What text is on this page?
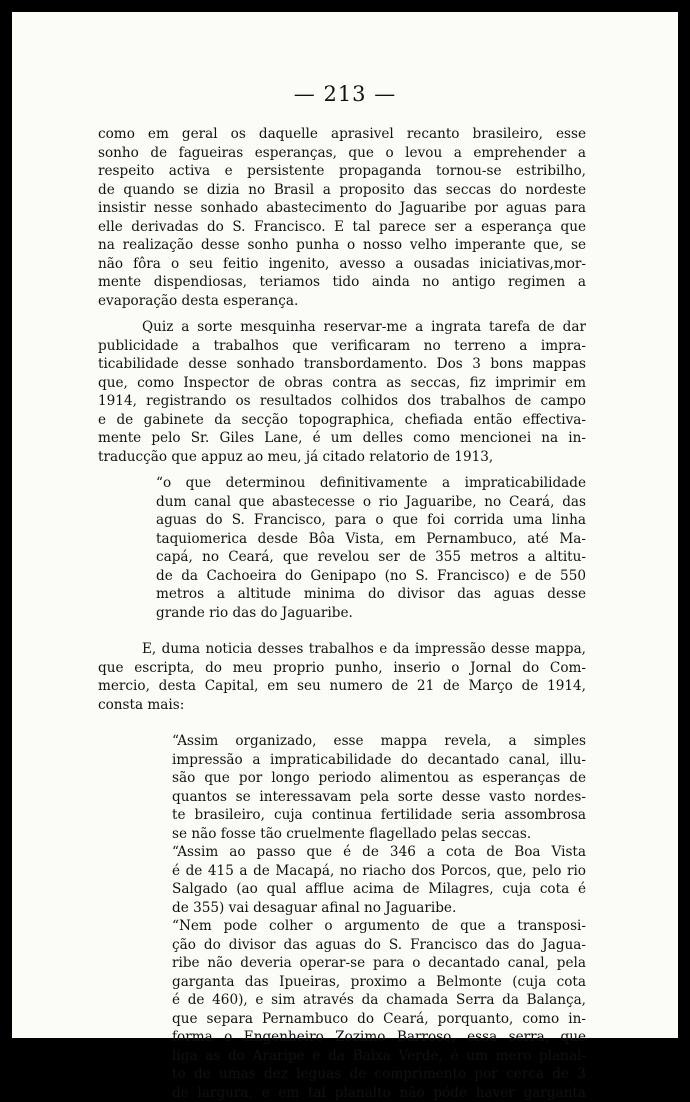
— 213 —
como em geral os daquelle aprasivel recanto brasileiro, esse
sonho de fagueiras esperanças, que o levou a emprehender a
respeito activa e persistente propaganda tornou-se estribilho,
de quando se dizia no Brasil a proposito das seccas do nordeste
insistir nesse sonhado abastecimento do Jaguaribe por aguas para
elle derivadas do S. Francisco. E tal parece ser a esperança que
na realização desse sonho punha o nosso velho imperante que, se
não fôra o seu feitio ingenito, avesso a ousadas iniciativas,mor-
mente dispendiosas, teriamos tido ainda no antigo regimen a
evaporação desta esperança.
Quiz a sorte mesquinha reservar-me a ingrata tarefa de dar
publicidade a trabalhos que verificaram no terreno a impra-
ticabilidade desse sonhado transbordamento. Dos 3 bons mappas
que, como Inspector de obras contra as seccas, fiz imprimir em
1914, registrando os resultados colhidos dos trabalhos de campo
e de gabinete da secção topographica, chefiada então effectiva-
mente pelo Sr. Giles Lane, é um delles como mencionei na in-
traducção que appuz ao meu, já citado relatorio de 1913,
“o que determinou definitivamente a impraticabilidade
dum canal que abastecesse o rio Jaguaribe, no Ceará, das
aguas do S. Francisco, para o que foi corrida uma linha
taquiomerica desde Bôa Vista, em Pernambuco, até Ma-
capá, no Ceará, que revelou ser de 355 metros a altitu-
de da Cachoeira do Genipapo (no S. Francisco) e de 550
metros a altitude minima do divisor das aguas desse
grande rio das do Jaguaribe.
E, duma noticia desses trabalhos e da impressão desse mappa,
que escripta, do meu proprio punho, inserio o Jornal do Com-
mercio, desta Capital, em seu numero de 21 de Março de 1914,
consta mais:
“Assim organizado, esse mappa revela, a simples
impressão a impraticabilidade do decantado canal, illu-
são que por longo periodo alimentou as esperanças de
quantos se interessavam pela sorte desse vasto nordes-
te brasileiro, cuja continua fertilidade seria assombrosa
se não fosse tão cruelmente flagellado pelas seccas.
“Assim ao passo que é de 346 a cota de Boa Vista
é de 415 a de Macapá, no riacho dos Porcos, que, pelo rio
Salgado (ao qual afflue acima de Milagres, cuja cota é
de 355) vai desaguar afinal no Jaguaribe.
“Nem pode colher o argumento de que a transposi-
ção do divisor das aguas do S. Francisco das do Jagua-
ribe não deveria operar-se para o decantado canal, pela
garganta das Ipueiras, proximo a Belmonte (cuja cota
é de 460), e sim através da chamada Serra da Balança,
que separa Pernambuco do Ceará, porquanto, como in-
forma o Engenheiro Zozimo Barroso, essa serra, que
liga as do Araripe e da Baixa Verde, é um mero planal-
to de umas dez leguas de comprimento por cerca de 3
de largura, e em tal planalto não póde haver garganta
